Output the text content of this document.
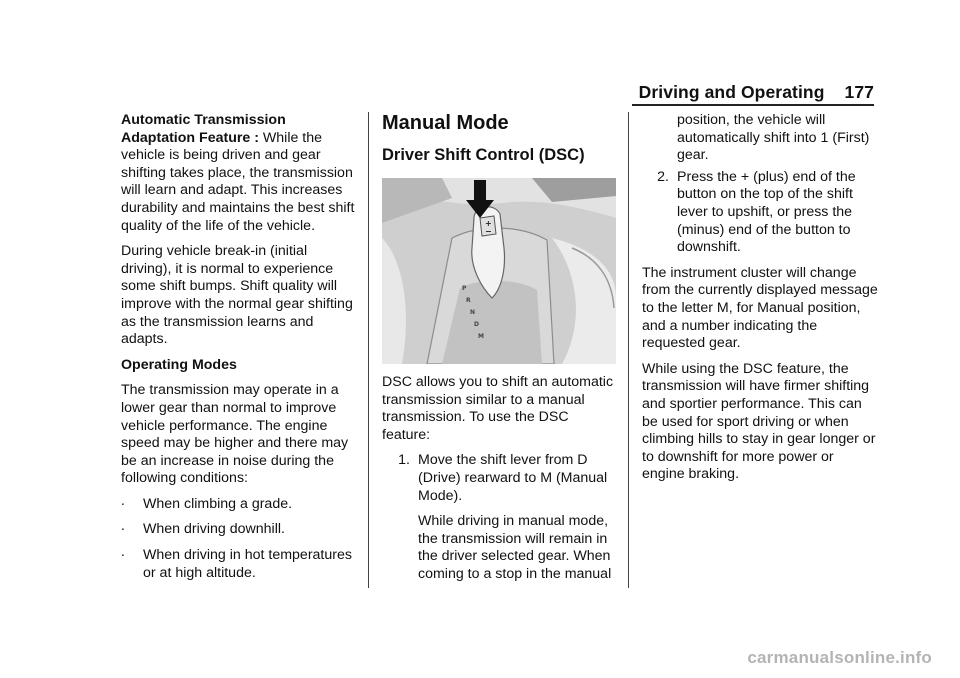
Driving and Operating 177

Automatic Transmission Adaptation Feature : While the vehicle is being driven and gear shifting takes place, the transmission will learn and adapt. This increases durability and maintains the best shift quality of the life of the vehicle.

During vehicle break-in (initial driving), it is normal to experience some shift bumps. Shift quality will improve with the normal gear shifting as the transmission learns and adapts.

Operating Modes

The transmission may operate in a lower gear than normal to improve vehicle performance. The engine speed may be higher and there may be an increase in noise during the following conditions:

∙	When climbing a grade.
∙	When driving downhill.
∙	When driving in hot temperatures or at high altitude.

Manual Mode

Driver Shift Control (DSC)

P
R
N
D
M
+
−

DSC allows you to shift an automatic transmission similar to a manual transmission. To use the DSC feature:

1. Move the shift lever from D (Drive) rearward to M (Manual Mode).
While driving in manual mode, the transmission will remain in the driver selected gear. When coming to a stop in the manual

position, the vehicle will automatically shift into 1 (First) gear.

2. Press the + (plus) end of the button on the top of the shift lever to upshift, or press the (minus) end of the button to downshift.

The instrument cluster will change from the currently displayed message to the letter M, for Manual position, and a number indicating the requested gear.

While using the DSC feature, the transmission will have firmer shifting and sportier performance. This can be used for sport driving or when climbing hills to stay in gear longer or to downshift for more power or engine braking.

carmanualsonline.info
